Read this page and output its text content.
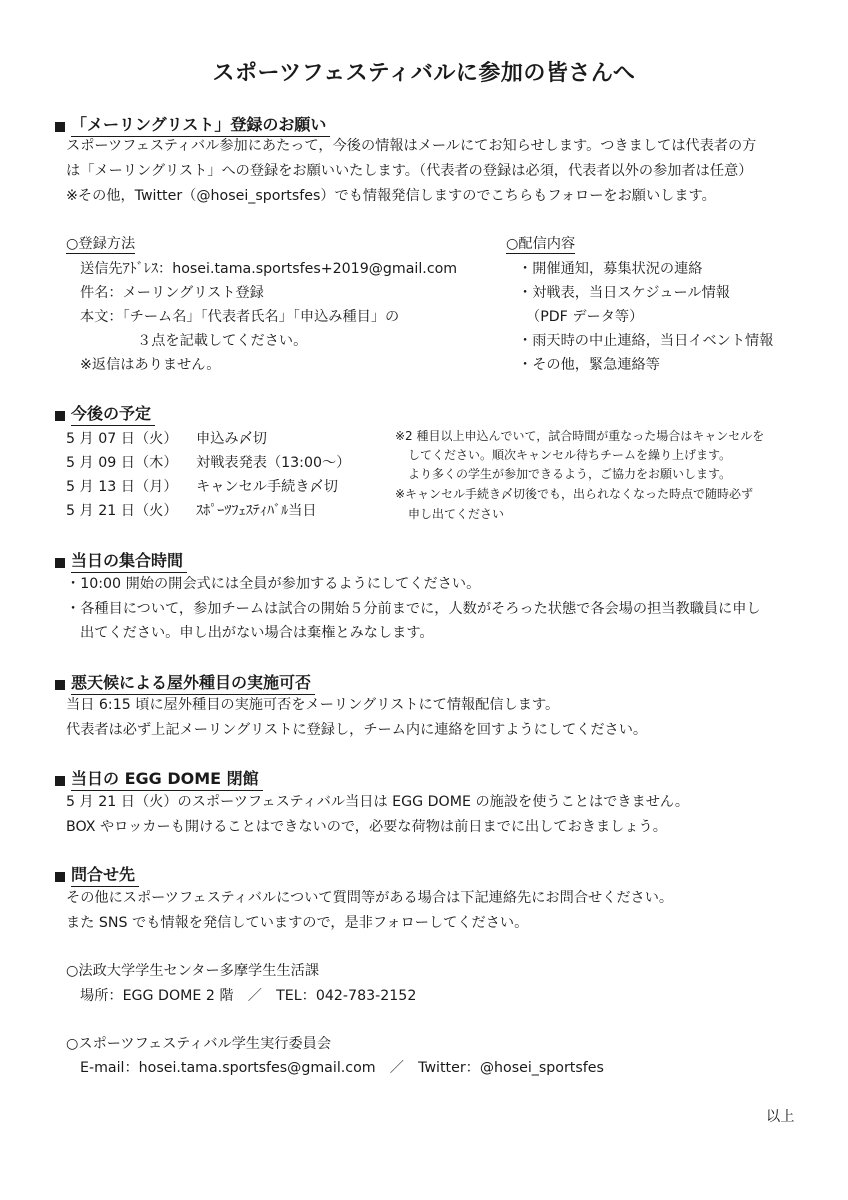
スポーツフェスティバルに参加の皆さんへ
「メーリングリスト」登録のお願い
スポーツフェスティバル参加にあたって，今後の情報はメールにてお知らせします。つきましては代表者の方
は「メーリングリスト」への登録をお願いいたします。（代表者の登録は必須，代表者以外の参加者は任意）
※その他，Twitter（@hosei_sportsfes）でも情報発信しますのでこちらもフォローをお願いします。
○登録方法
送信先ｱﾄﾞﾚｽ：hosei.tama.sportsfes+2019@gmail.com
件名：メーリングリスト登録
本文：「チーム名」「代表者氏名」「申込み種目」の
３点を記載してください。
※返信はありません。
○配信内容
・開催通知，募集状況の連絡
・対戦表，当日スケジュール情報
（PDF データ等）
・雨天時の中止連絡，当日イベント情報
・その他，緊急連絡等
今後の予定
5 月 07 日（火） 申込み〆切
5 月 09 日（木） 対戦表発表（13:00～）
5 月 13 日（月） キャンセル手続き〆切
5 月 21 日（火） ｽﾎﾟｰﾂﾌｪｽﾃｨﾊﾞﾙ当日
※2 種目以上申込んでいて，試合時間が重なった場合はキャンセルを
してください。順次キャンセル待ちチームを繰り上げます。
より多くの学生が参加できるよう，ご協力をお願いします。
※キャンセル手続き〆切後でも，出られなくなった時点で随時必ず
申し出てください
当日の集合時間
・10:00 開始の開会式には全員が参加するようにしてください。
・各種目について，参加チームは試合の開始５分前までに，人数がそろった状態で各会場の担当教職員に申し
出てください。申し出がない場合は棄権とみなします。
悪天候による屋外種目の実施可否
当日 6:15 頃に屋外種目の実施可否をメーリングリストにて情報配信します。
代表者は必ず上記メーリングリストに登録し，チーム内に連絡を回すようにしてください。
当日の EGG DOME 閉館
5 月 21 日（火）のスポーツフェスティバル当日は EGG DOME の施設を使うことはできません。
BOX やロッカーも開けることはできないので，必要な荷物は前日までに出しておきましょう。
問合せ先
その他にスポーツフェスティバルについて質問等がある場合は下記連絡先にお問合せください。
また SNS でも情報を発信していますので，是非フォローしてください。
○法政大学学生センター多摩学生生活課
場所：EGG DOME 2 階　／　TEL：042-783-2152
○スポーツフェスティバル学生実行委員会
E-mail：hosei.tama.sportsfes@gmail.com　／　Twitter：@hosei_sportsfes
以上
